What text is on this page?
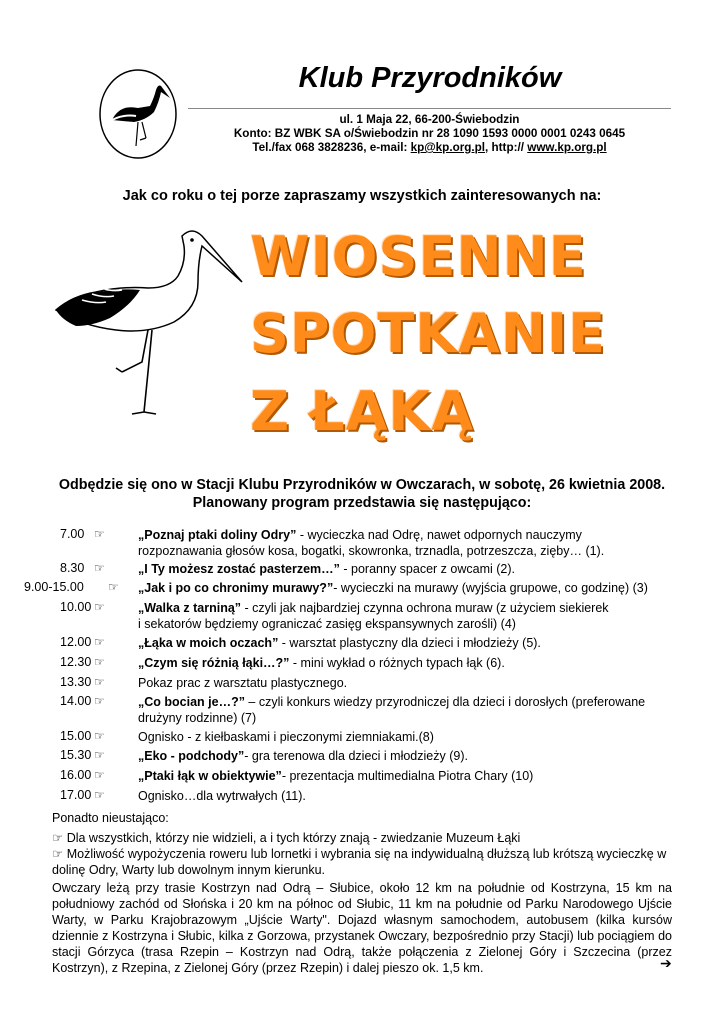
Klub Przyrodników
ul. 1 Maja 22, 66-200-Świebodzin
Konto: BZ WBK SA o/Świebodzin nr 28 1090 1593 0000 0001 0243 0645
Tel./fax 068 3828236, e-mail: kp@kp.org.pl, http:// www.kp.org.pl
Jak co roku o tej porze zapraszamy wszystkich zainteresowanych na:
WIOSENNE
SPOTKANIE
Z ŁĄKĄ
Odbędzie się ono w Stacji Klubu Przyrodników w Owczarach, w sobotę, 26 kwietnia 2008.
Planowany program przedstawia się następująco:
7.00 ☞	„Poznaj ptaki doliny Odry” - wycieczka nad Odrę, nawet odpornych nauczymy
rozpoznawania głosów kosa, bogatki, skowronka, trznadla, potrzeszcza, zięby… (1).
8.30 ☞	„I Ty możesz zostać pasterzem…” - poranny spacer z owcami (2).
9.00-15.00 ☞ „Jak i po co chronimy murawy?”- wycieczki na murawy (wyjścia grupowe, co godzinę) (3)
10.00 ☞	„Walka z tarniną” - czyli jak najbardziej czynna ochrona muraw (z użyciem siekierek
i sekatorów będziemy ograniczać zasięg ekspansywnych zarośli) (4)
12.00 ☞	„Łąka w moich oczach” - warsztat plastyczny dla dzieci i młodzieży (5).
12.30 ☞	„Czym się różnią łąki…?” - mini wykład o różnych typach łąk (6).
13.30 ☞	Pokaz prac z warsztatu plastycznego.
14.00 ☞	„Co bocian je…?” – czyli konkurs wiedzy przyrodniczej dla dzieci i dorosłych (preferowane
drużyny rodzinne) (7)
15.00 ☞	Ognisko - z kiełbaskami i pieczonymi ziemniakami.(8)
15.30 ☞	„Eko - podchody”- gra terenowa dla dzieci i młodzieży (9).
16.00 ☞	„Ptaki łąk w obiektywie”- prezentacja multimedialna Piotra Chary (10)
17.00 ☞	Ognisko…dla wytrwałych (11).
Ponadto nieustająco:
☞ Dla wszystkich, którzy nie widzieli, a i tych którzy znają - zwiedzanie Muzeum Łąki
☞ Możliwość wypożyczenia roweru lub lornetki i wybrania się na indywidualną dłuższą lub krótszą wycieczkę w dolinę Odry, Warty lub dowolnym innym kierunku.
Owczary leżą przy trasie Kostrzyn nad Odrą – Słubice, około 12 km na południe od Kostrzyna, 15 km na południowy zachód od Słońska i 20 km na północ od Słubic, 11 km na południe od Parku Narodowego Ujście Warty, w Parku Krajobrazowym „Ujście Warty". Dojazd własnym samochodem, autobusem (kilka kursów dziennie z Kostrzyna i Słubic, kilka z Gorzowa, przystanek Owczary, bezpośrednio przy Stacji) lub pociągiem do stacji Górzyca (trasa Rzepin – Kostrzyn nad Odrą, także połączenia z Zielonej Góry i Szczecina (przez Kostrzyn), z Rzepina, z Zielonej Góry (przez Rzepin) i dalej pieszo ok. 1,5 km.	➔
